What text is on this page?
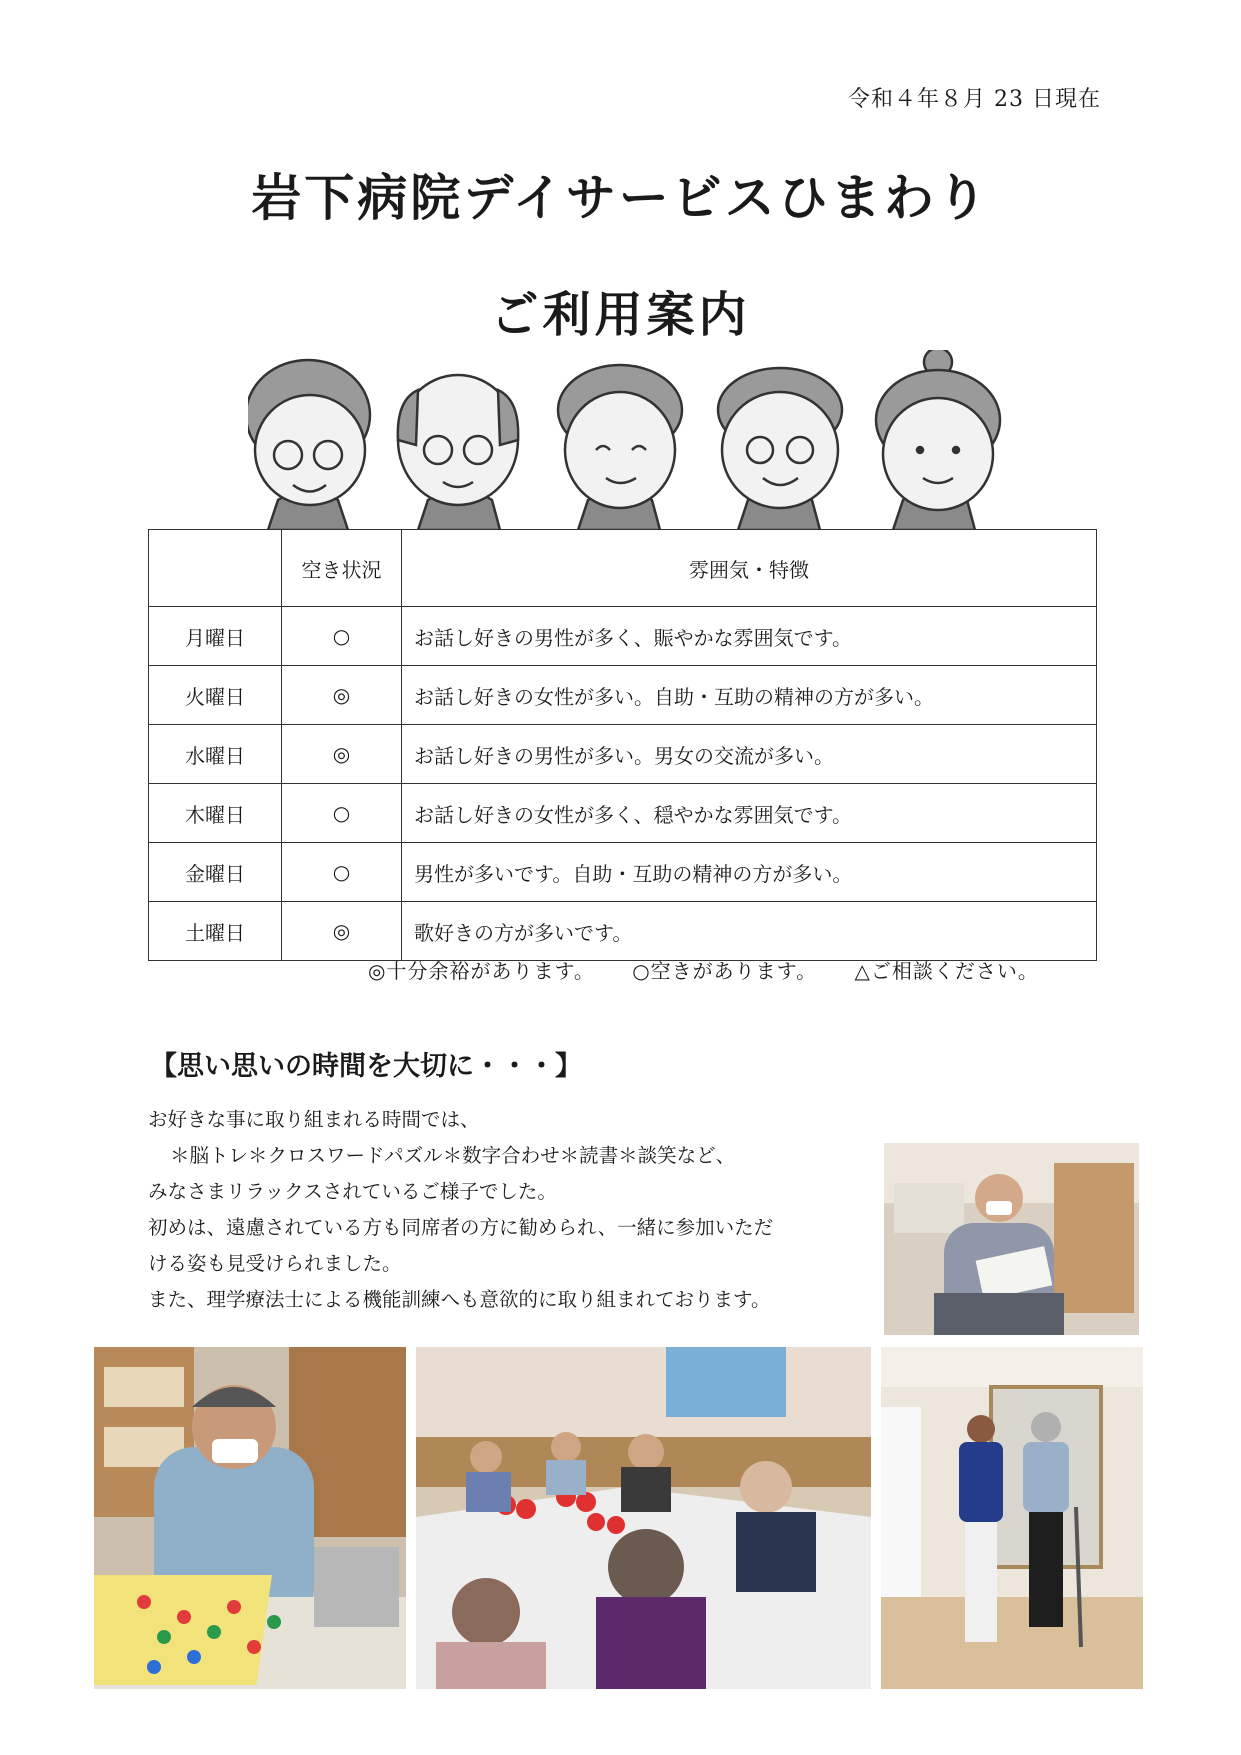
令和４年８月 23 日現在
岩下病院デイサービスひまわり
ご利用案内
	空き状況	雰囲気・特徴
月曜日	○	お話し好きの男性が多く、賑やかな雰囲気です。
火曜日	◎	お話し好きの女性が多い。自助・互助の精神の方が多い。
水曜日	◎	お話し好きの男性が多い。男女の交流が多い。
木曜日	○	お話し好きの女性が多く、穏やかな雰囲気です。
金曜日	○	男性が多いです。自助・互助の精神の方が多い。
土曜日	◎	歌好きの方が多いです。
◎十分余裕があります。 ○空きがあります。 △ご相談ください。
【思い思いの時間を大切に・・・】

お好きな事に取り組まれる時間では、

＊脳トレ＊クロスワードパズル＊数字合わせ＊読書＊談笑など、

みなさまリラックスされているご様子でした。

初めは、遠慮されている方も同席者の方に勧められ、一緒に参加いただ

ける姿も見受けられました。

また、理学療法士による機能訓練へも意欲的に取り組まれております。
